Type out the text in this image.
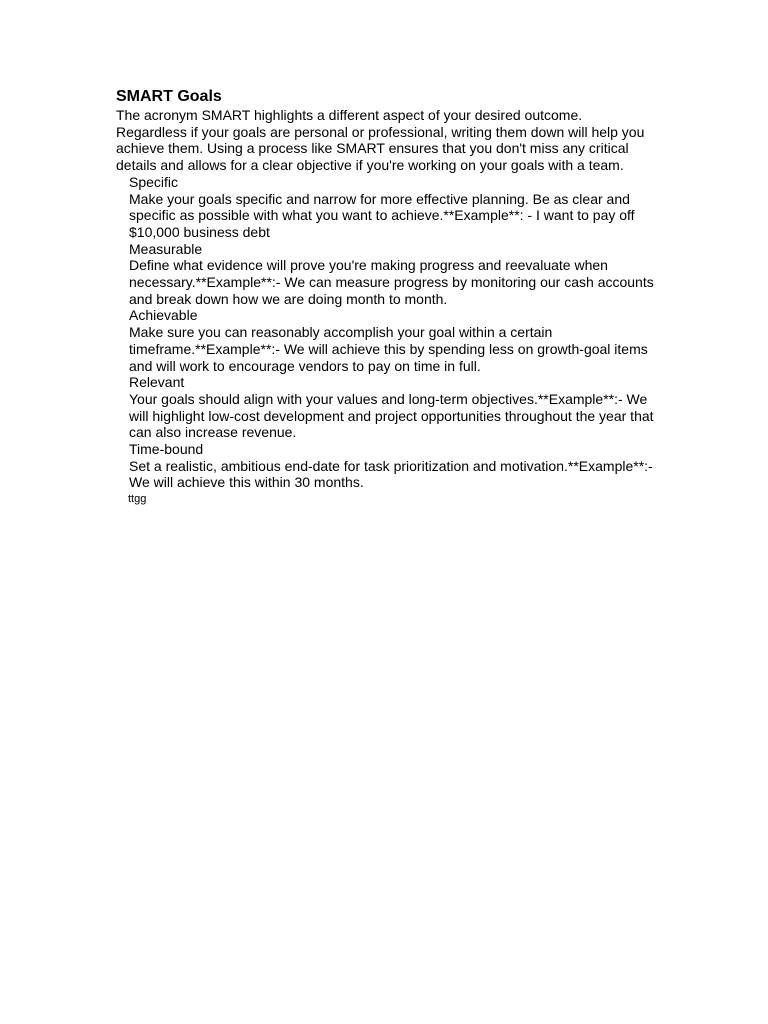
SMART Goals

The acronym SMART highlights a different aspect of your desired outcome. Regardless if your goals are personal or professional, writing them down will help you achieve them. Using a process like SMART ensures that you don't miss any critical details and allows for a clear objective if you're working on your goals with a team.

Specific

Make your goals specific and narrow for more effective planning. Be as clear and specific as possible with what you want to achieve.**Example**: - I want to pay off $10,000 business debt

Measurable

Define what evidence will prove you're making progress and reevaluate when necessary.**Example**:- We can measure progress by monitoring our cash accounts and break down how we are doing month to month.

Achievable

Make sure you can reasonably accomplish your goal within a certain timeframe.**Example**:- We will achieve this by spending less on growth-goal items and will work to encourage vendors to pay on time in full.

Relevant

Your goals should align with your values and long-term objectives.**Example**:- We will highlight low-cost development and project opportunities throughout the year that can also increase revenue.

Time-bound

Set a realistic, ambitious end-date for task prioritization and motivation.**Example**:- We will achieve this within 30 months.

ttgg
